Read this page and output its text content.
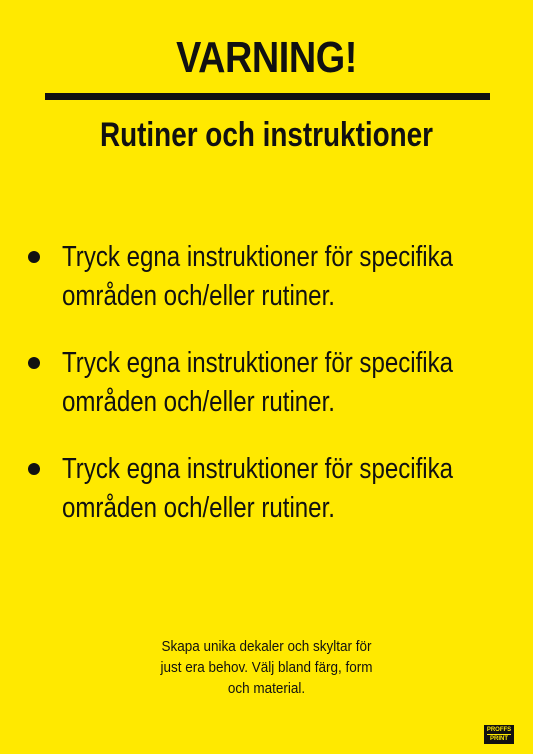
VARNING!
Rutiner och instruktioner
Tryck egna instruktioner för specifika
områden och/eller rutiner.
Tryck egna instruktioner för specifika
områden och/eller rutiner.
Tryck egna instruktioner för specifika
områden och/eller rutiner.
Skapa unika dekaler och skyltar för
just era behov. Välj bland färg, form
och material.
PROFFS
PRINT
